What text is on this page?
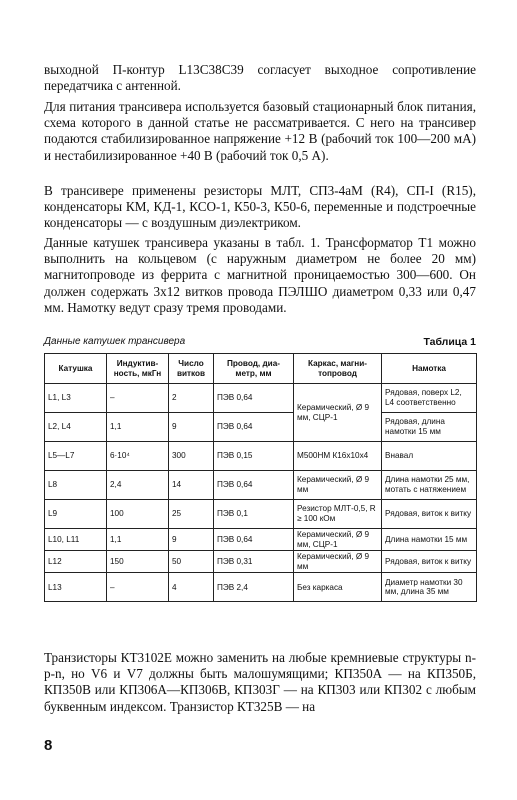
выходной П-контур L13C38C39 согласует выходное сопротивление передатчика с антенной.

Для питания трансивера используется базовый стационарный блок питания, схема которого в данной статье не рассматривается. С него на трансивер подаются стабилизированное напряжение +12 В (рабочий ток 100—200 мА) и нестабилизированное +40 В (рабочий ток 0,5 А).

В трансивере применены резисторы МЛТ, СП3-4аМ (R4), СП-I (R15), конденсаторы КМ, КД-1, КСО-1, К50-3, К50-6, переменные и подстроечные конденсаторы — с воздушным диэлектриком.

Данные катушек трансивера указаны в табл. 1. Трансформатор Т1 можно выполнить на кольцевом (с наружным диаметром не более 20 мм) магнитопроводе из феррита с магнитной проницаемостью 300—600. Он должен содержать 3x12 витков провода ПЭЛШО диаметром 0,33 или 0,47 мм. Намотку ведут сразу тремя проводами.

Данные катушек трансивера	Таблица 1
Катушка	Индуктив-ность, мкГн	Число витков	Провод, диа-метр, мм	Каркас, магни-топровод	Намотка
L1, L3	–	2	ПЭВ 0,64	Керамический, Ø 9 мм, СЦР-1	Рядовая, поверх L2, L4 соответственно
L2, L4	1,1	9	ПЭВ 0,64		Рядовая, длина намотки 15 мм
L5—L7	6·10⁴	300	ПЭВ 0,15	М500НМ К16х10х4	Внавал
L8	2,4	14	ПЭВ 0,64	Керамический, Ø 9 мм	Длина намотки 25 мм, мотать с натяжением
L9	100	25	ПЭВ 0,1	Резистор МЛТ-0,5, R ≥ 100 кОм	Рядовая, виток к витку
L10, L11	1,1	9	ПЭВ 0,64	Керамический, Ø 9 мм, СЦР-1	Длина намотки 15 мм
L12	150	50	ПЭВ 0,31	Керамический, Ø 9 мм	Рядовая, виток к витку
L13	–	4	ПЭВ 2,4	Без каркаса	Диаметр намотки 30 мм, длина 35 мм

Транзисторы КТ3102Е можно заменить на любые кремниевые структуры n-p-n, но V6 и V7 должны быть малошумящими; КП350А — на КП350Б, КП350В или КП306А—КП306В, КП303Г — на КП303 или КП302 с любым буквенным индексом. Транзистор КТ325В — на

8
